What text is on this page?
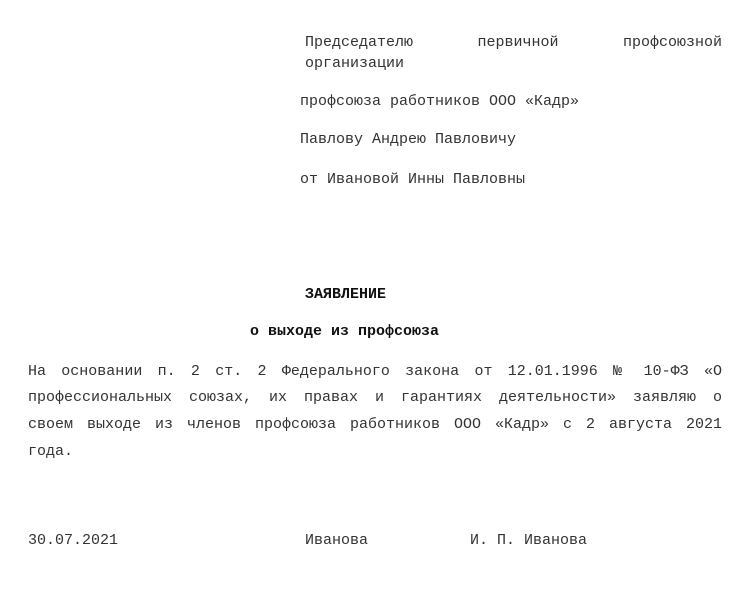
Председателю первичной профсоюзной
организации
профсоюза работников ООО «Кадр»
Павлову Андрею Павловичу
от Ивановой Инны Павловны
ЗАЯВЛЕНИЕ
о выходе из профсоюза
На основании п. 2 ст. 2 Федерального закона от 12.01.1996 № 10-ФЗ «О
профессиональных союзах, их правах и гарантиях деятельности» заявляю о
своем выходе из членов профсоюза работников ООО «Кадр» с 2 августа 2021
года.
30.07.2021	Иванова	И. П. Иванова
